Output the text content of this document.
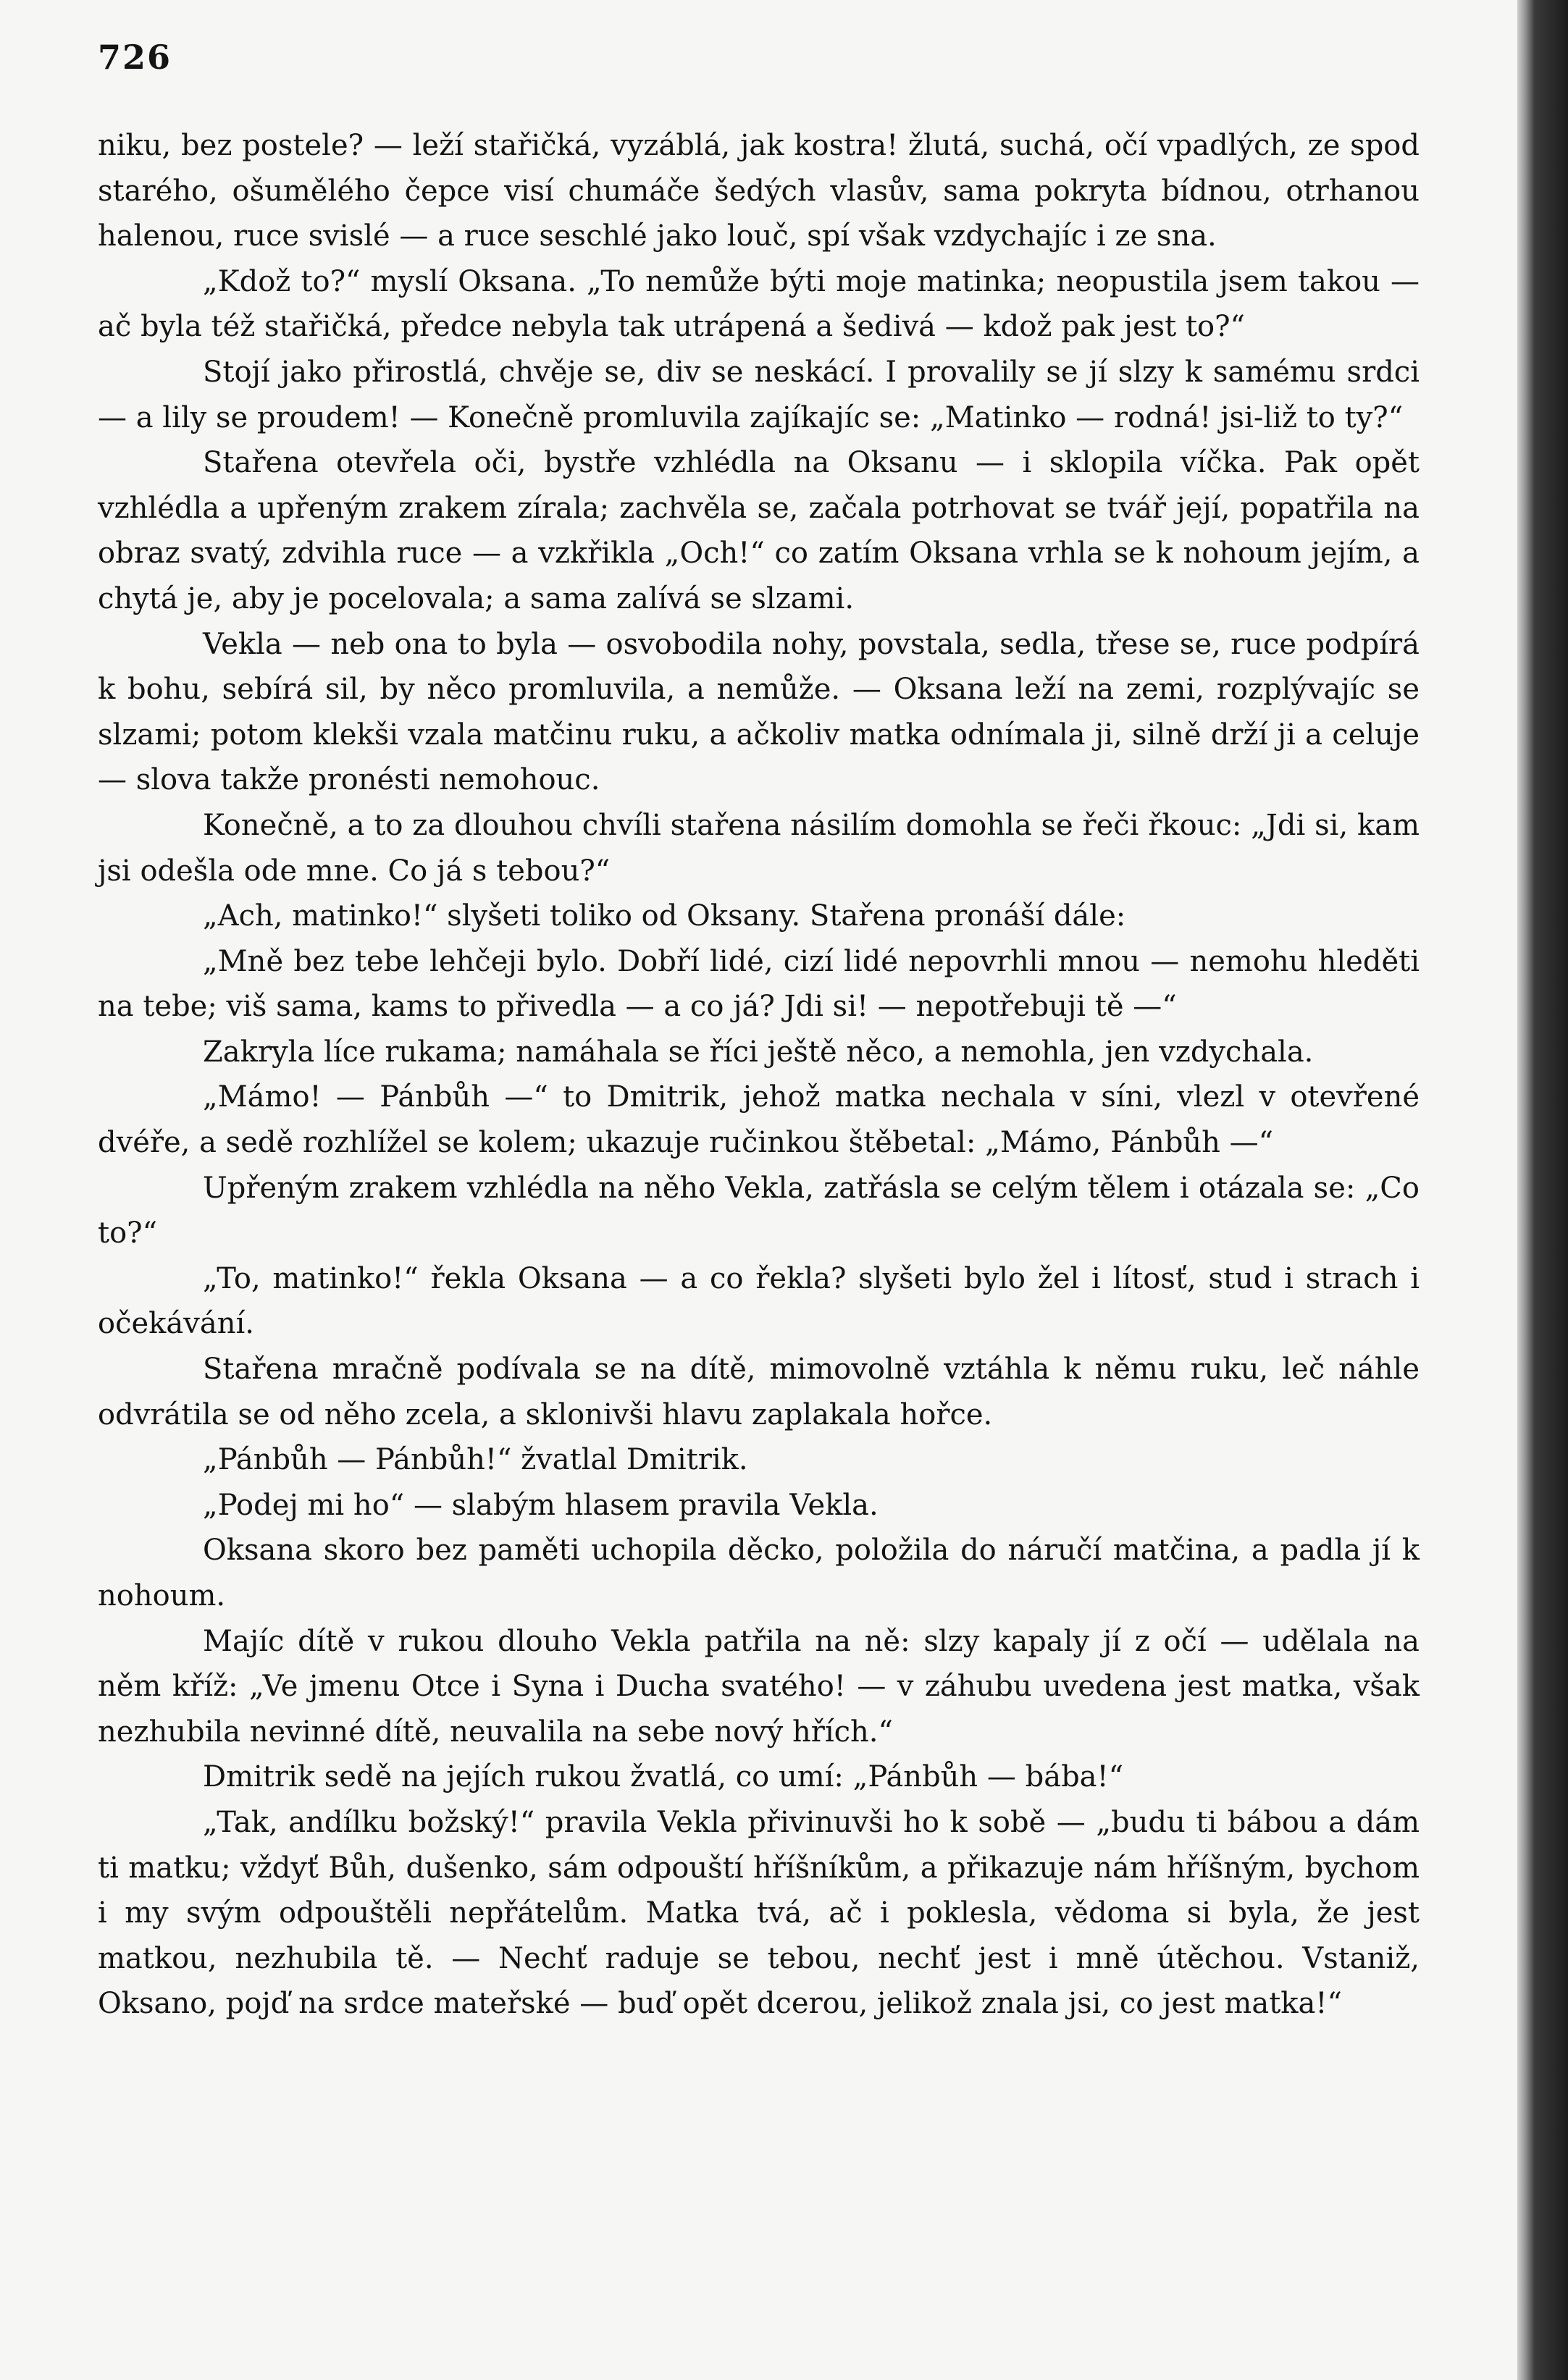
726

niku, bez postele? — leží stařičká, vyzáblá, jak kostra! žlutá, suchá, očí vpadlých, ze spod starého, ošumělého čepce visí chumáče šedých vlasův, sama pokryta bídnou, otrhanou halenou, ruce svislé — a ruce seschlé jako louč, spí však vzdychajíc i ze sna.

„Kdož to?“ myslí Oksana. „To nemůže býti moje matinka; neopustila jsem takou — ač byla též stařičká, předce nebyla tak utrápená a šedivá — kdož pak jest to?“

Stojí jako přirostlá, chvěje se, div se neskácí. I provalily se jí slzy k samému srdci — a lily se proudem! — Konečně promluvila zajíkajíc se: „Matinko — rodná! jsi-liž to ty?“

Stařena otevřela oči, bystře vzhlédla na Oksanu — i sklopila víčka. Pak opět vzhlédla a upřeným zrakem zírala; zachvěla se, začala potrhovat se tvář její, popatřila na obraz svatý, zdvihla ruce — a vzkřikla „Och!“ co zatím Oksana vrhla se k nohoum jejím, a chytá je, aby je pocelovala; a sama zalívá se slzami.

Vekla — neb ona to byla — osvobodila nohy, povstala, sedla, třese se, ruce podpírá k bohu, sebírá sil, by něco promluvila, a nemůže. — Oksana leží na zemi, rozplývajíc se slzami; potom klekši vzala matčinu ruku, a ačkoliv matka odnímala ji, silně drží ji a celuje — slova takže pronésti nemohouc.

Konečně, a to za dlouhou chvíli stařena násilím domohla se řeči řkouc: „Jdi si, kam jsi odešla ode mne. Co já s tebou?“

„Ach, matinko!“ slyšeti toliko od Oksany. Stařena pronáší dále:

„Mně bez tebe lehčeji bylo. Dobří lidé, cizí lidé nepovrhli mnou — nemohu hleděti na tebe; viš sama, kams to přivedla — a co já? Jdi si! — nepotřebuji tě —“

Zakryla líce rukama; namáhala se říci ještě něco, a nemohla, jen vzdychala.

„Mámo! — Pánbůh —“ to Dmitrik, jehož matka nechala v síni, vlezl v otevřené dvéře, a sedě rozhlížel se kolem; ukazuje ručinkou štěbetal: „Mámo, Pánbůh —“

Upřeným zrakem vzhlédla na něho Vekla, zatřásla se celým tělem i otázala se: „Co to?“

„To, matinko!“ řekla Oksana — a co řekla? slyšeti bylo žel i lítosť, stud i strach i očekávání.

Stařena mračně podívala se na dítě, mimovolně vztáhla k němu ruku, leč náhle odvrátila se od něho zcela, a sklonivši hlavu zaplakala hořce.

„Pánbůh — Pánbůh!“ žvatlal Dmitrik.

„Podej mi ho“ — slabým hlasem pravila Vekla.

Oksana skoro bez paměti uchopila děcko, položila do náručí matčina, a padla jí k nohoum.

Majíc dítě v rukou dlouho Vekla patřila na ně: slzy kapaly jí z očí — udělala na něm kříž: „Ve jmenu Otce i Syna i Ducha svatého! — v záhubu uvedena jest matka, však nezhubila nevinné dítě, neuvalila na sebe nový hřích.“

Dmitrik sedě na jejích rukou žvatlá, co umí: „Pánbůh — bába!“

„Tak, andílku božský!“ pravila Vekla přivinuvši ho k sobě — „budu ti bábou a dám ti matku; vždyť Bůh, dušenko, sám odpouští hříšníkům, a přikazuje nám hříšným, bychom i my svým odpouštěli nepřátelům. Matka tvá, ač i poklesla, vědoma si byla, že jest matkou, nezhubila tě. — Nechť raduje se tebou, nechť jest i mně útěchou. Vstaniž, Oksano, pojď na srdce mateřské — buď opět dcerou, jelikož znala jsi, co jest matka!“
